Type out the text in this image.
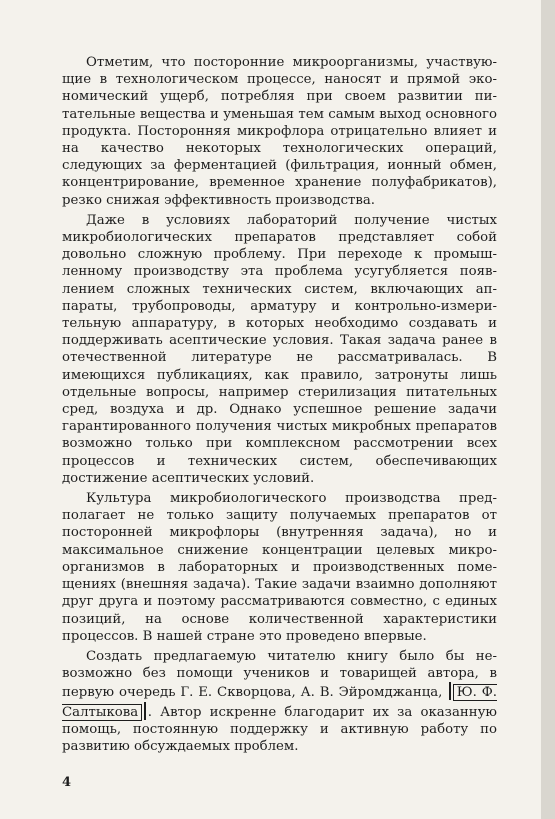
Отметим, что посторонние микроорганизмы, участвующие в технологическом процессе, наносят и прямой экономический ущерб, потребляя при своем развитии питательные вещества и уменьшая тем самым выход основного продукта. Посторонняя микрофлора отрицательно влияет и на качество некоторых технологических операций, следующих за ферментацией (фильтрация, ионный обмен, концентрирование, временное хранение полуфабрикатов), резко снижая эффективность производства.

Даже в условиях лабораторий получение чистых микробиологических препаратов представляет собой довольно сложную проблему. При переходе к промышленному производству эта проблема усугубляется появлением сложных технических систем, включающих аппараты, трубопроводы, арматуру и контрольно-измерительную аппаратуру, в которых необходимо создавать и поддерживать асептические условия. Такая задача ранее в отечественной литературе не рассматривалась. В имеющихся публикациях, как правило, затронуты лишь отдельные вопросы, например стерилизация питательных сред, воздуха и др. Однако успешное решение задачи гарантированного получения чистых микробных препаратов возможно только при комплексном рассмотрении всех процессов и технических систем, обеспечивающих достижение асептических условий.

Культура микробиологического производства предполагает не только защиту получаемых препаратов от посторонней микрофлоры (внутренняя задача), но и максимальное снижение концентрации целевых микроорганизмов в лабораторных и производственных помещениях (внешняя задача). Такие задачи взаимно дополняют друг друга и поэтому рассматриваются совместно, с единых позиций, на основе количественной характеристики процессов. В нашей стране это проведено впервые.

Создать предлагаемую читателю книгу было бы невозможно без помощи учеников и товарищей автора, в первую очередь Г. Е. Скворцова, А. В. Эйромджанца, Ю. Ф. Салтыкова . Автор искренне благодарит их за оказанную помощь, постоянную поддержку и активную работу по развитию обсуждаемых проблем.

4
